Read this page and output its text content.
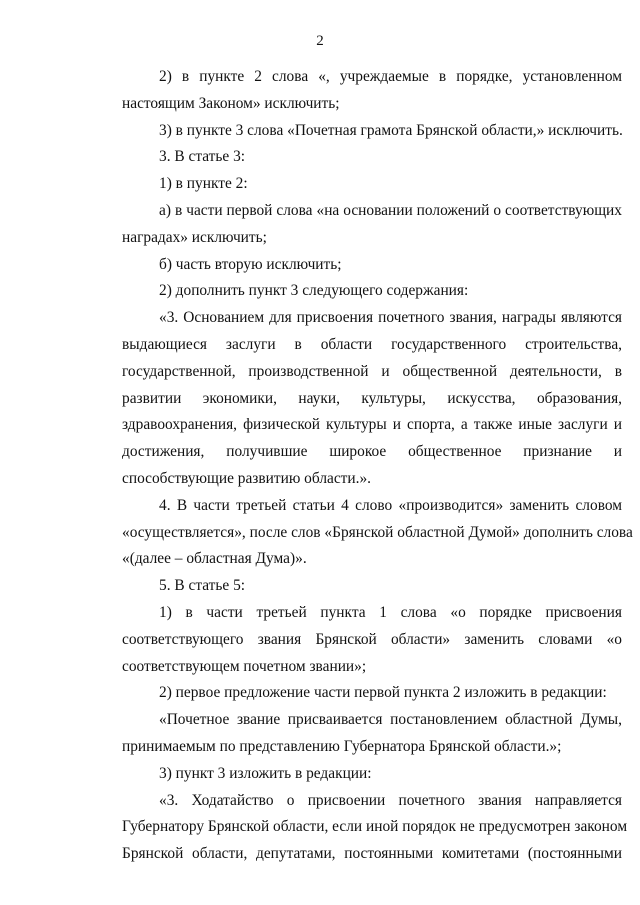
2
2) в пункте 2 слова «, учреждаемые в порядке, установленном
настоящим Законом» исключить;
3) в пункте 3 слова «Почетная грамота Брянской области,» исключить.
3. В статье 3:
1) в пункте 2:
а) в части первой слова «на основании положений о соответствующих
наградах» исключить;
б) часть вторую исключить;
2) дополнить пункт 3 следующего содержания:
«3. Основанием для присвоения почетного звания, награды являются
выдающиеся заслуги в области государственного строительства,
государственной, производственной и общественной деятельности, в
развитии экономики, науки, культуры, искусства, образования,
здравоохранения, физической культуры и спорта, а также иные заслуги и
достижения, получившие широкое общественное признание и
способствующие развитию области.».
4. В части третьей статьи 4 слово «производится» заменить словом
«осуществляется», после слов «Брянской областной Думой» дополнить слова
«(далее – областная Дума)».
5. В статье 5:
1) в части третьей пункта 1 слова «о порядке присвоения
соответствующего звания Брянской области» заменить словами «о
соответствующем почетном звании»;
2) первое предложение части первой пункта 2 изложить в редакции:
«Почетное звание присваивается постановлением областной Думы,
принимаемым по представлению Губернатора Брянской области.»;
3) пункт 3 изложить в редакции:
«3. Ходатайство о присвоении почетного звания направляется
Губернатору Брянской области, если иной порядок не предусмотрен законом
Брянской области, депутатами, постоянными комитетами (постоянными
